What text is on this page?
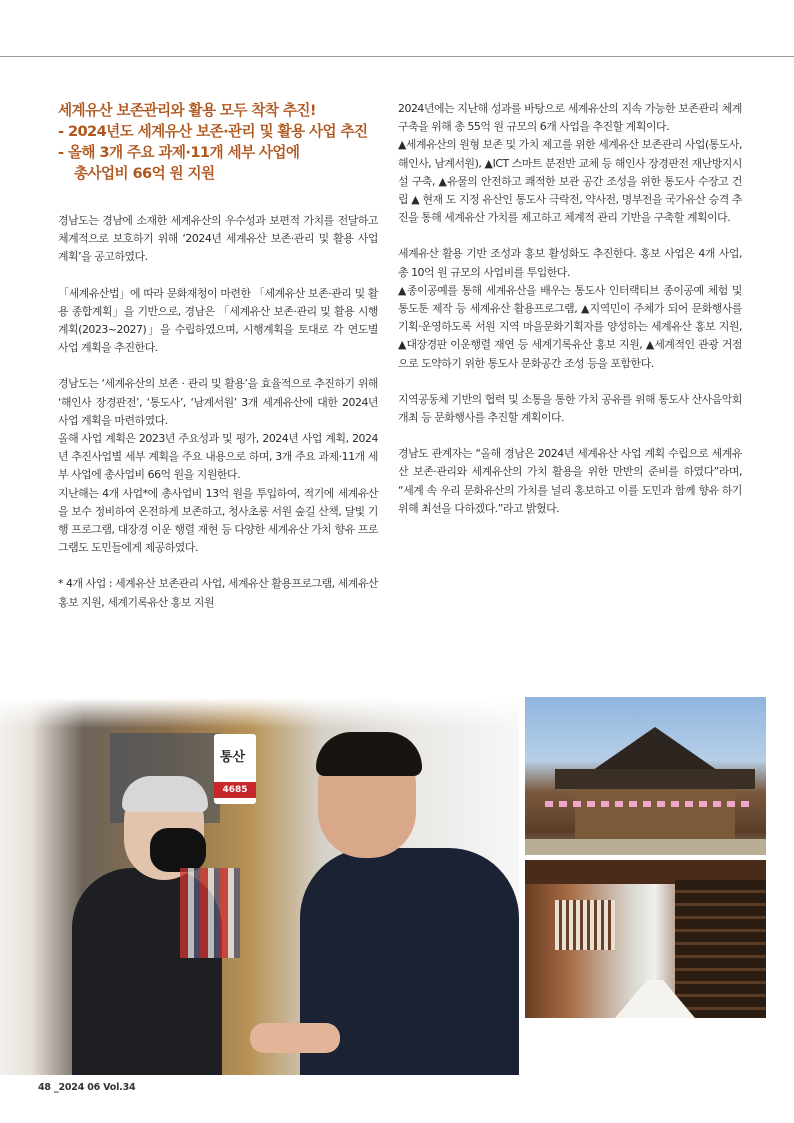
세계유산 보존관리와 활용 모두 착착 추진!
- 2024년도 세계유산 보존·관리 및 활용 사업 추진
- 올해 3개 주요 과제·11개 세부 사업에
총사업비 66억 원 지원

경남도는 경남에 소재한 세계유산의 우수성과 보편적 가치를 전달하고 체계적으로 보호하기 위해 ‘2024년 세계유산 보존·관리 및 활용 사업 계획’을 공고하였다.

「세계유산법」에 따라 문화재청이 마련한 「세계유산 보존·관리 및 활용 종합계획」을 기반으로, 경남은 「세계유산 보존·관리 및 활용 시행계획(2023~2027)」을 수립하였으며, 시행계획을 토대로 각 연도별 사업 계획을 추진한다.

경남도는 ‘세계유산의 보존 · 관리 및 활용’을 효율적으로 추진하기 위해 ‘해인사 장경판전’, ‘통도사’, ‘남계서원’ 3개 세계유산에 대한 2024년 사업 계획을 마련하였다.

올해 사업 계획은 2023년 주요성과 및 평가, 2024년 사업 계획, 2024년 추진사업별 세부 계획을 주요 내용으로 하며, 3개 주요 과제·11개 세부 사업에 총사업비 66억 원을 지원한다.

지난해는 4개 사업*에 총사업비 13억 원을 투입하여, 적기에 세계유산을 보수 정비하여 온전하게 보존하고, 청사초롱 서원 숲길 산책, 달빛 기행 프로그램, 대장경 이운 행렬 재현 등 다양한 세계유산 가치 향유 프로그램도 도민들에게 제공하였다.

* 4개 사업 : 세계유산 보존관리 사업, 세계유산 활용프로그램, 세계유산 홍보 지원, 세계기록유산 홍보 지원

2024년에는 지난해 성과를 바탕으로 세계유산의 지속 가능한 보존관리 체계 구축을 위해 총 55억 원 규모의 6개 사업을 추진할 계획이다.

▲세계유산의 원형 보존 및 가치 제고를 위한 세계유산 보존관리 사업(통도사, 해인사, 남계서원), ▲ICT 스마트 분전반 교체 등 해인사 장경판전 재난방지시설 구축, ▲유물의 안전하고 쾌적한 보관 공간 조성을 위한 통도사 수장고 건립 ▲ 현재 도 지정 유산인 통도사 극락전, 약사전, 명부전을 국가유산 승격 추진을 통해 세계유산 가치를 제고하고 체계적 관리 기반을 구축할 계획이다.

세계유산 활용 기반 조성과 홍보 활성화도 추진한다. 홍보 사업은 4개 사업, 총 10억 원 규모의 사업비를 투입한다.

▲종이공예를 통해 세계유산을 배우는 통도사 인터랙티브 종이공예 체험 및 통도툰 제작 등 세계유산 활용프로그램, ▲지역민이 주체가 되어 문화행사를 기획·운영하도록 서원 지역 마을문화기획자를 양성하는 세계유산 홍보 지원, ▲대장경판 이운행렬 재연 등 세계기록유산 홍보 지원, ▲세계적인 관광 거점으로 도약하기 위한 통도사 문화공간 조성 등을 포함한다.

지역공동체 기반의 협력 및 소통을 통한 가치 공유를 위해 통도사 산사음악회 개최 등 문화행사를 추진할 계획이다.

경남도 관계자는 “올해 경남은 2024년 세계유산 사업 계획 수립으로 세계유산 보존·관리와 세계유산의 가치 활용을 위한 만반의 준비를 하였다”라며, “세계 속 우리 문화유산의 가치를 널리 홍보하고 이를 도민과 함께 향유 하기 위해 최선을 다하겠다.”라고 밝혔다.

통산
4685
48 _2024 06 Vol.34
